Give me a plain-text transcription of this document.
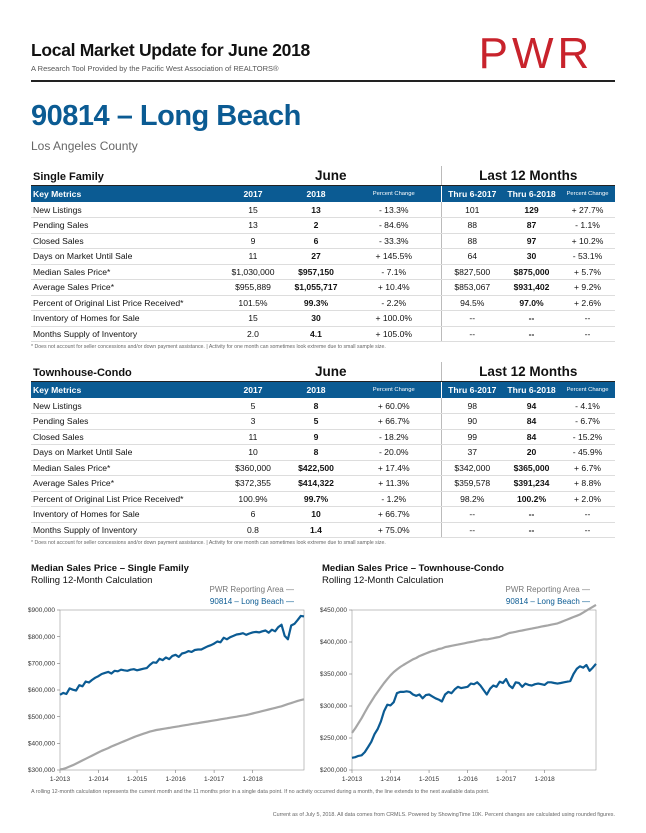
Local Market Update for June 2018
A Research Tool Provided by the Pacific West Association of REALTORS®	PWR
90814 – Long Beach
Los Angeles County
Single Family	June			Last 12 Months		
Key Metrics	2017	2018	Percent Change	Thru 6-2017	Thru 6-2018	Percent Change
New Listings	15	13	- 13.3%	101	129	+ 27.7%
Pending Sales	13	2	- 84.6%	88	87	- 1.1%
Closed Sales	9	6	- 33.3%	88	97	+ 10.2%
Days on Market Until Sale	11	27	+ 145.5%	64	30	- 53.1%
Median Sales Price*	$1,030,000	$957,150	- 7.1%	$827,500	$875,000	+ 5.7%
Average Sales Price*	$955,889	$1,055,717	+ 10.4%	$853,067	$931,402	+ 9.2%
Percent of Original List Price Received*	101.5%	99.3%	- 2.2%	94.5%	97.0%	+ 2.6%
Inventory of Homes for Sale	15	30	+ 100.0%	--	--	--
Months Supply of Inventory	2.0	4.1	+ 105.0%	--	--	--
* Does not account for seller concessions and/or down payment assistance. | Activity for one month can sometimes look extreme due to small sample size.
Townhouse-Condo	June			Last 12 Months		
Key Metrics	2017	2018	Percent Change	Thru 6-2017	Thru 6-2018	Percent Change
New Listings	5	8	+ 60.0%	98	94	- 4.1%
Pending Sales	3	5	+ 66.7%	90	84	- 6.7%
Closed Sales	11	9	- 18.2%	99	84	- 15.2%
Days on Market Until Sale	10	8	- 20.0%	37	20	- 45.9%
Median Sales Price*	$360,000	$422,500	+ 17.4%	$342,000	$365,000	+ 6.7%
Average Sales Price*	$372,355	$414,322	+ 11.3%	$359,578	$391,234	+ 8.8%
Percent of Original List Price Received*	100.9%	99.7%	- 1.2%	98.2%	100.2%	+ 2.0%
Inventory of Homes for Sale	6	10	+ 66.7%	--	--	--
Months Supply of Inventory	0.8	1.4	+ 75.0%	--	--	--
* Does not account for seller concessions and/or down payment assistance. | Activity for one month can sometimes look extreme due to small sample size.
Median Sales Price – Single Family
Rolling 12-Month Calculation
PWR Reporting Area —
90814 – Long Beach —
$300,000
$400,000
$500,000
$600,000
$700,000
$800,000
$900,000
1-2013	1-2014	1-2015	1-2016	1-2017	1-2018
Median Sales Price – Townhouse-Condo
Rolling 12-Month Calculation
PWR Reporting Area —
90814 – Long Beach —
$200,000
$250,000
$300,000
$350,000
$400,000
$450,000
1-2013	1-2014	1-2015	1-2016	1-2017	1-2018
A rolling 12-month calculation represents the current month and the 11 months prior in a single data point. If no activity occurred during a month, the line extends to the next available data point.
Current as of July 5, 2018. All data comes from CRMLS. Powered by ShowingTime 10K. Percent changes are calculated using rounded figures.
